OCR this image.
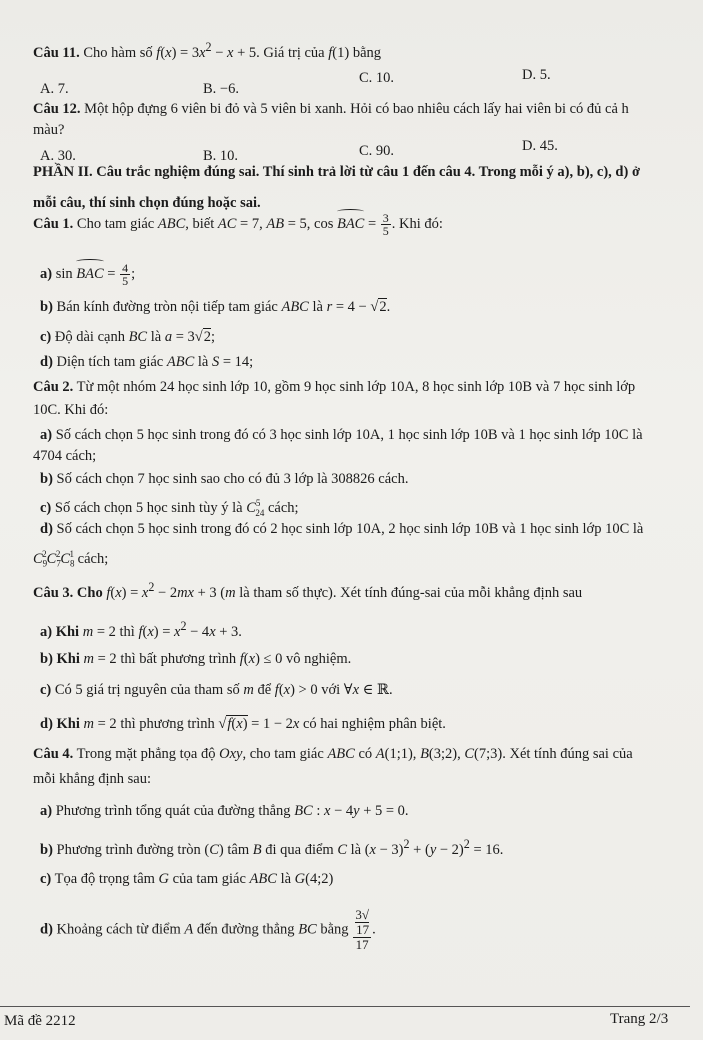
Câu 11. Cho hàm số $f(x) = 3x^2 - x + 5$. Giá trị của f(1) bằng
A. 7.	B. −6.
C. 10.	D. 5.
Câu 12. Một hộp đựng 6 viên bi đỏ và 5 viên bi xanh. Hỏi có bao nhiêu cách lấy hai viên bi có đủ cả h
màu?
A. 30.	B. 10.	C. 90.	D. 45.
PHẦN II. Câu trắc nghiệm đúng sai. Thí sinh trả lời từ câu 1 đến câu 4. Trong mỗi ý a), b), c), d) ở
mỗi câu, thí sinh chọn đúng hoặc sai.
Câu 1. Cho tam giác ABC, biết AC = 7, AB = 5, cos BAC = $\frac{3}{5}$ . Khi đó:
a) sin BAC = $\frac{4}{5}$ ;
b) Bán kính đường tròn nội tiếp tam giác ABC là r = 4 − √2.
c) Độ dài cạnh BC là a = 3√2;
d) Diện tích tam giác ABC là S = 14;
Câu 2. Từ một nhóm 24 học sinh lớp 10, gồm 9 học sinh lớp 10A, 8 học sinh lớp 10B và 7 học sinh lớp
10C. Khi đó:
a) Số cách chọn 5 học sinh trong đó có 3 học sinh lớp 10A, 1 học sinh lớp 10B và 1 học sinh lớp 10C là
4704 cách;
b) Số cách chọn 7 học sinh sao cho có đủ 3 lớp là 308826 cách.
c) Số cách chọn 5 học sinh tùy ý là $C^5_{24}$ cách;
d) Số cách chọn 5 học sinh trong đó có 2 học sinh lớp 10A, 2 học sinh lớp 10B và 1 học sinh lớp 10C là
$C_9^2C_7^2C_8^1$ cách;
Câu 3. Cho $f(x) = x^2 - 2mx + 3$ (m là tham số thực). Xét tính đúng-sai của mỗi khẳng định sau
a) Khi m = 2 thì $f(x) = x^2 - 4x + 3$.
b) Khi m = 2 thì bất phương trình f(x) ≤ 0 vô nghiệm.
c) Có 5 giá trị nguyên của tham số m để f(x) > 0 với ∀x ∈ ℝ.
d) Khi m = 2 thì phương trình √f(x) = 1 − 2x có hai nghiệm phân biệt.
Câu 4. Trong mặt phẳng tọa độ Oxy, cho tam giác ABC có A(1;1), B(3;2), C(7;3). Xét tính đúng sai của
mỗi khẳng định sau:
a) Phương trình tổng quát của đường thẳng BC : x − 4y + 5 = 0.
b) Phương trình đường tròn (C) tâm B đi qua điểm C là $(x - 3)^2 + (y - 2)^2 = 16$.
c) Tọa độ trọng tâm G của tam giác ABC là G(4;2)
d) Khoảng cách từ điểm A đến đường thẳng BC bằng 3√
17
17 .
Mã đề 2212	Trang 2/3
